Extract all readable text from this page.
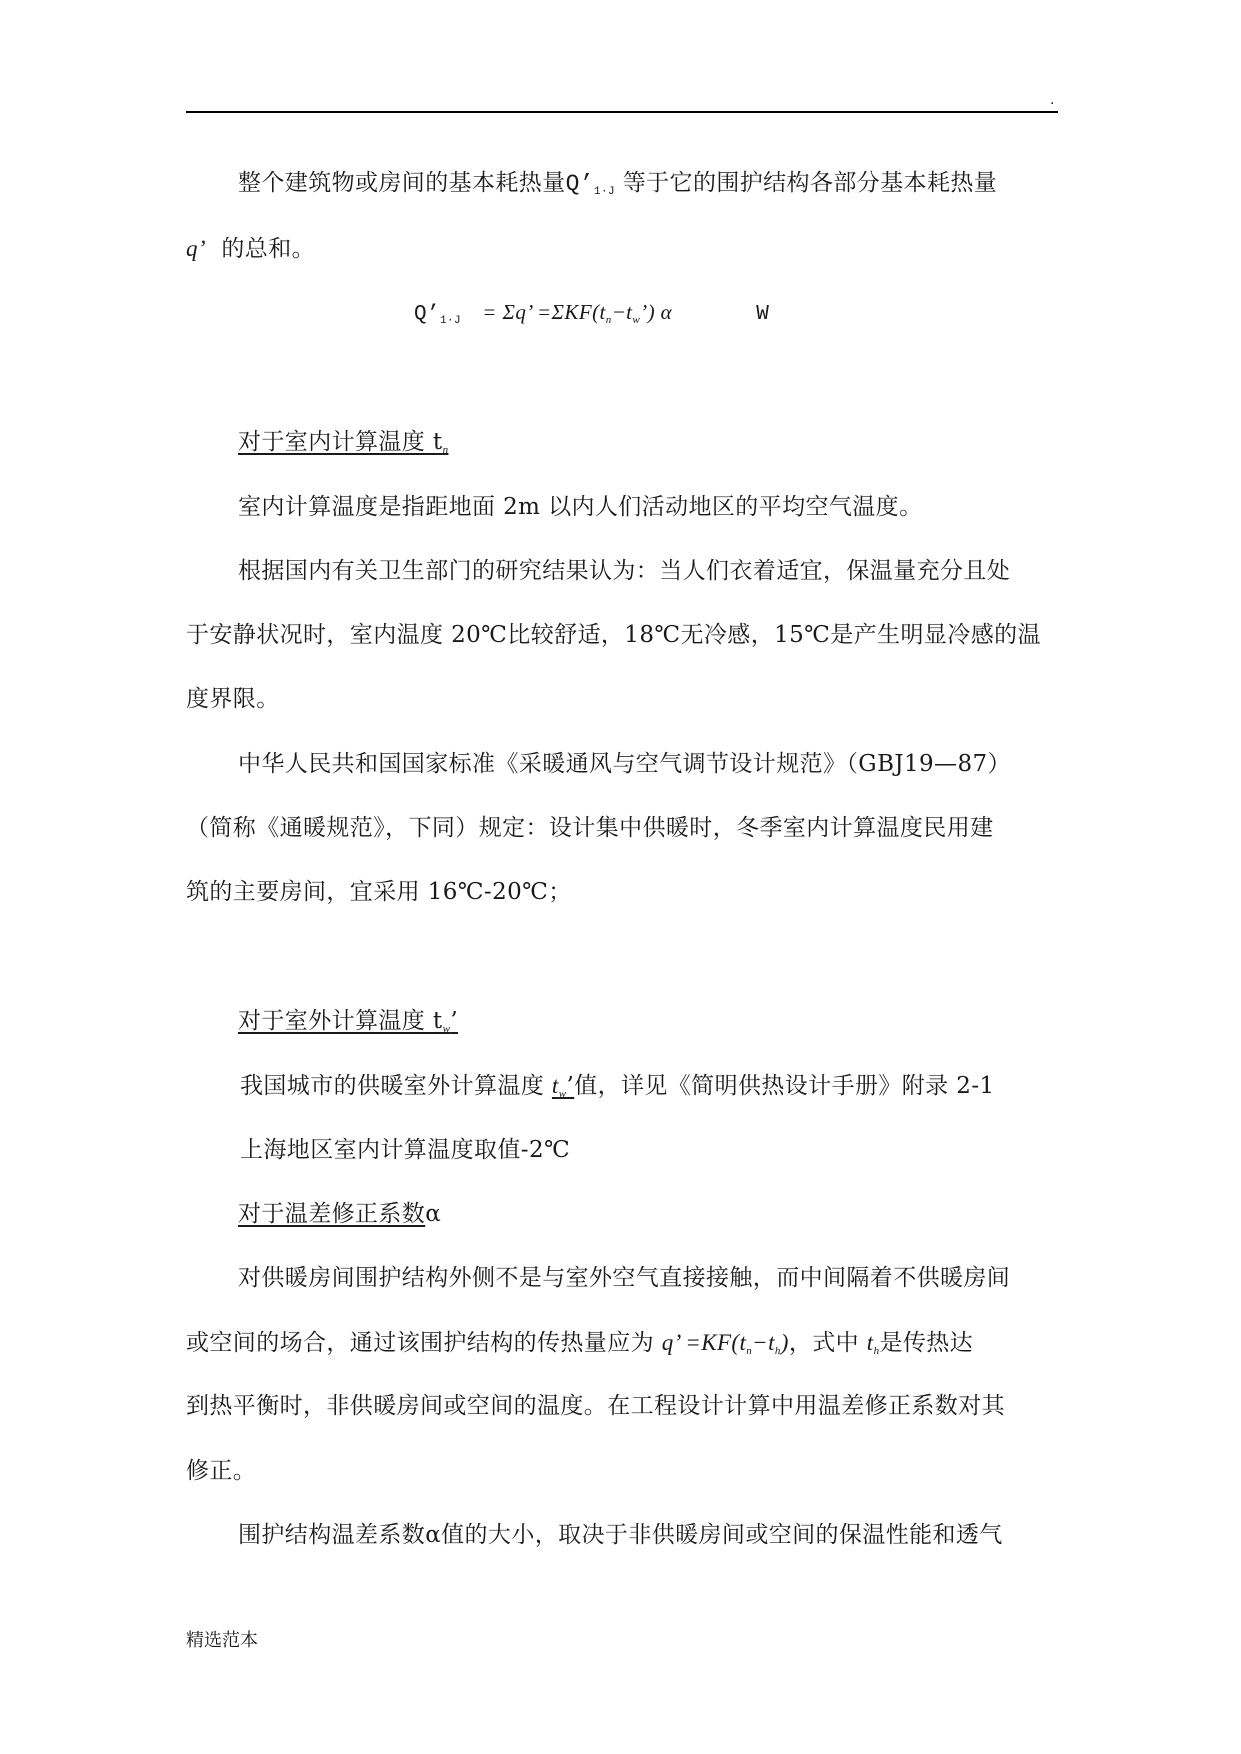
.
整个建筑物或房间的基本耗热量$Q’_{1\cdot J}$ 等于它的围护结构各部分基本耗热量
q’ 的总和。
$Q’_{1\cdot J} = \Sigma q$’ $=\Sigma KF(t_n-t_w’)$ α	W
对于室内计算温度 $t_n$
室内计算温度是指距地面 2m 以内人们活动地区的平均空气温度。
根据国内有关卫生部门的研究结果认为：当人们衣着适宜，保温量充分且处
于安静状况时，室内温度 20℃比较舒适，18℃无冷感，15℃是产生明显冷感的温
度界限。
中华人民共和国国家标准《采暖通风与空气调节设计规范》（GBJ19—87）
（简称《通暖规范》，下同）规定：设计集中供暖时，冬季室内计算温度民用建
筑的主要房间，宜采用 16℃-20℃；
对于室外计算温度 $t_w$’
我国城市的供暖室外计算温度 $t_w$’值，详见《简明供热设计手册》附录 2-1
上海地区室内计算温度取值-2℃
对于温差修正系数α
对供暖房间围护结构外侧不是与室外空气直接接触，而中间隔着不供暖房间
或空间的场合，通过该围护结构的传热量应为 q’ $=KF(t_n-t_h)$，式中 $t_h$是传热达
到热平衡时，非供暖房间或空间的温度。在工程设计计算中用温差修正系数对其
修正。
围护结构温差系数α值的大小，取决于非供暖房间或空间的保温性能和透气
精选范本
